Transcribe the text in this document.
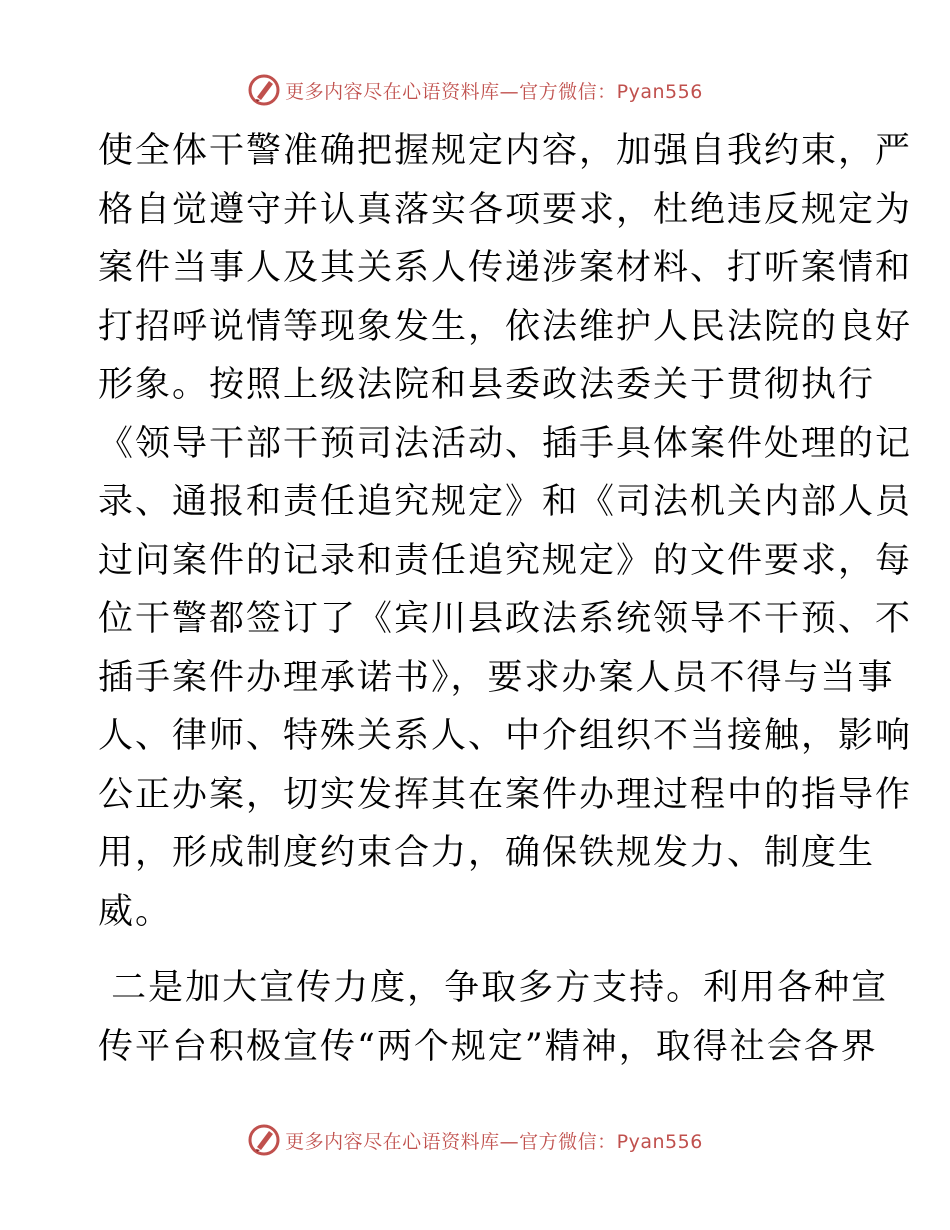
更多内容尽在心语资料库—官方微信：Pyan556
使全体干警准确把握规定内容，加强自我约束，严
格自觉遵守并认真落实各项要求，杜绝违反规定为
案件当事人及其关系人传递涉案材料、打听案情和
打招呼说情等现象发生，依法维护人民法院的良好
形象。按照上级法院和县委政法委关于贯彻执行
《领导干部干预司法活动、插手具体案件处理的记
录、通报和责任追究规定》和《司法机关内部人员
过问案件的记录和责任追究规定》的文件要求，每
位干警都签订了《宾川县政法系统领导不干预、不
插手案件办理承诺书》，要求办案人员不得与当事
人、律师、特殊关系人、中介组织不当接触，影响
公正办案，切实发挥其在案件办理过程中的指导作
用，形成制度约束合力，确保铁规发力、制度生
威。
二是加大宣传力度，争取多方支持。利用各种宣
传平台积极宣传“两个规定”精神，取得社会各界
更多内容尽在心语资料库—官方微信：Pyan556
